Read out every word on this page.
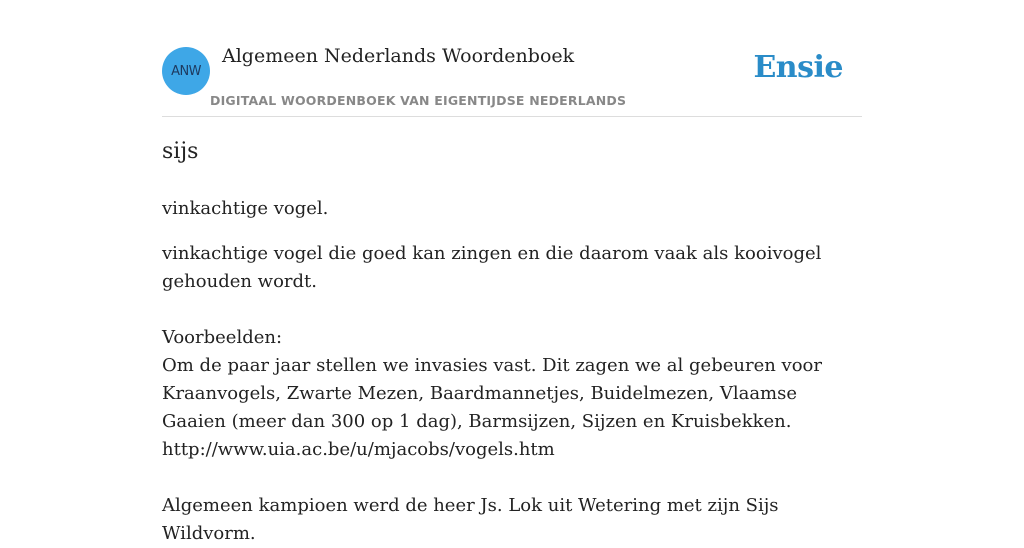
ANW
Algemeen Nederlands Woordenboek
DIGITAAL WOORDENBOEK VAN EIGENTIJDSE NEDERLANDS
Ensie
sijs
vinkachtige vogel.
vinkachtige vogel die goed kan zingen en die daarom vaak als kooivogel gehouden wordt.

Voorbeelden:

Om de paar jaar stellen we invasies vast. Dit zagen we al gebeuren voor Kraanvogels, Zwarte Mezen, Baardmannetjes, Buidelmezen, Vlaamse Gaaien (meer dan 300 op 1 dag), Barmsijzen, Sijzen en Kruisbekken.

http://www.uia.ac.be/u/mjacobs/vogels.htm

Algemeen kampioen werd de heer Js. Lok uit Wetering met zijn Sijs Wildvorm.
